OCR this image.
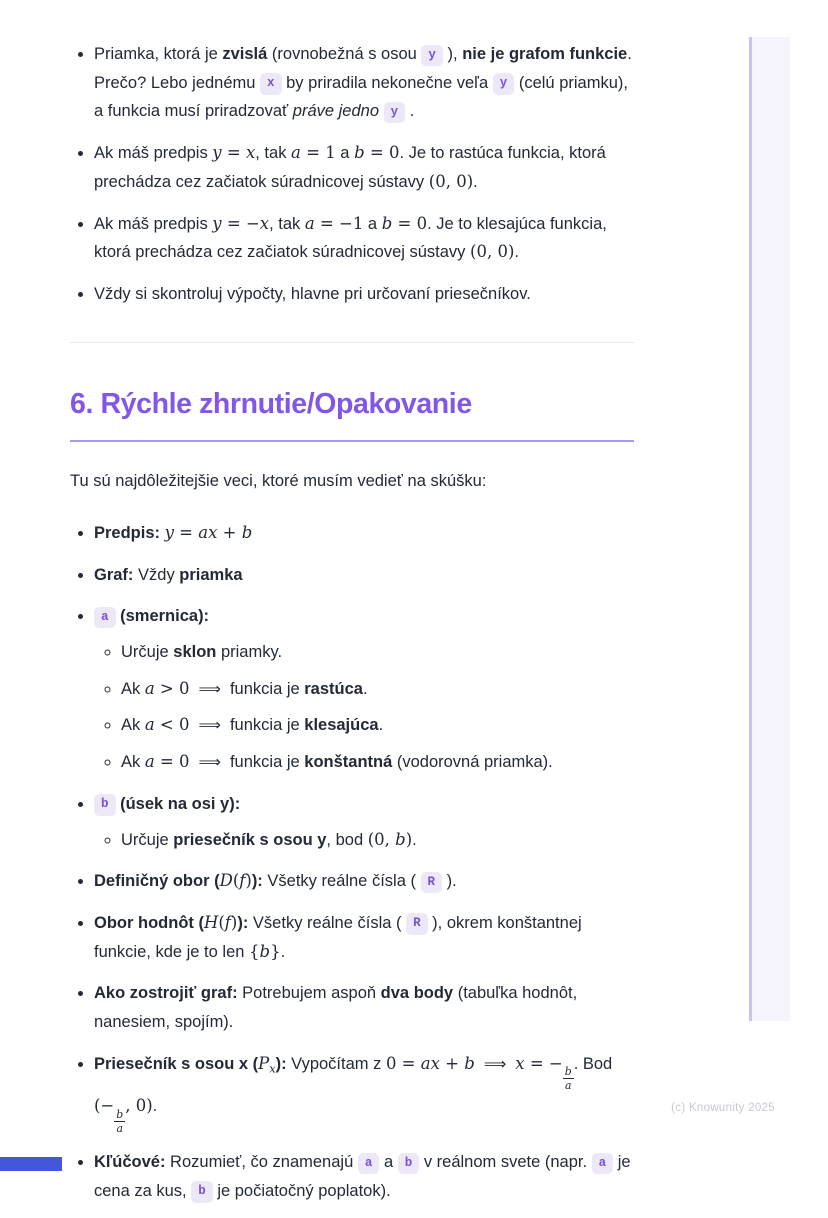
• Priamka, ktorá je zvislá (rovnobežná s osou y ), nie je grafom funkcie. Prečo? Lebo jednému x by priradila nekonečne veľa y (celú priamku), a funkcia musí priradzovať práve jedno y .
• Ak máš predpis y = x, tak a = 1 a b = 0. Je to rastúca funkcia, ktorá prechádza cez začiatok súradnicovej sústavy (0, 0).
• Ak máš predpis y = −x, tak a = −1 a b = 0. Je to klesajúca funkcia, ktorá prechádza cez začiatok súradnicovej sústavy (0, 0).
• Vždy si skontroluj výpočty, hlavne pri určovaní priesečníkov.
6. Rýchle zhrnutie/Opakovanie

Tu sú najdôležitejšie veci, ktoré musím vedieť na skúšku:

• Predpis: y = ax + b
• Graf: Vždy priamka
• a (smernica):
◦ Určuje sklon priamky.
◦ Ak a > 0 ⟹ funkcia je rastúca.
◦ Ak a < 0 ⟹ funkcia je klesajúca.
◦ Ak a = 0 ⟹ funkcia je konštantná (vodorovná priamka).
• b (úsek na osi y):
◦ Určuje priesečník s osou y, bod (0, b).
• Definičný obor (D(f)): Všetky reálne čísla ( R ).
• Obor hodnôt (H(f)): Všetky reálne čísla ( R ), okrem konštantnej funkcie, kde je to len {b}.
• Ako zostrojiť graf: Potrebujem aspoň dva body (tabuľka hodnôt, nanesiem, spojím).
• Priesečník s osou x $(P_x)$: Vypočítam z 0 = ax + b ⟹ x = −
$\frac{b}{a}$
. Bod (−
$\frac{b}{a}$
, 0).
• Kľúčové: Rozumieť, čo znamenajú a a b v reálnom svete (napr. a je cena za kus, b je počiatočný poplatok).
(c) Knowunity 2025
